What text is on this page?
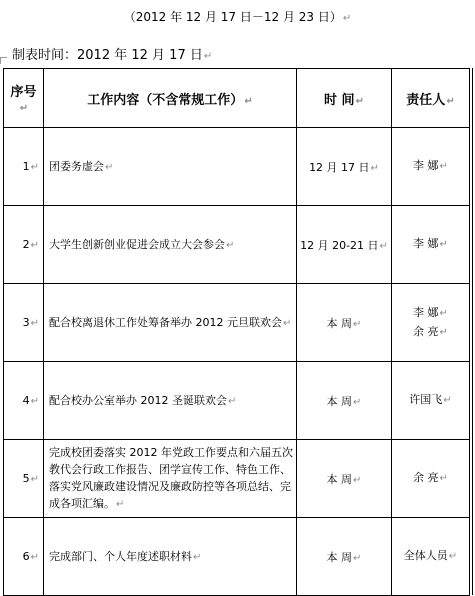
（2012 年 12 月 17 日－12 月 23 日）↵
制表时间：2012 年 12 月 17 日↵
序号↵	工作内容（不含常规工作）↵	时 间↵	责任人↵
1↵	团委务虚会↵	12 月 17 日↵	李 娜↵
2↵	大学生创新创业促进会成立大会参会↵	12 月 20-21 日↵	李 娜↵
3↵	配合校离退休工作处筹备举办 2012 元旦联欢会↵	本 周↵	李 娜↵
余 亮↵
4↵	配合校办公室举办 2012 圣诞联欢会↵	本 周↵	许国飞↵
5↵	完成校团委落实 2012 年党政工作要点和六届五次教代会行政工作报告、团学宣传工作、特色工作、落实党风廉政建设情况及廉政防控等各项总结、完成各项汇编。↵	本 周↵	余 亮↵
6↵	完成部门、个人年度述职材料↵	本 周↵	全体人员↵
